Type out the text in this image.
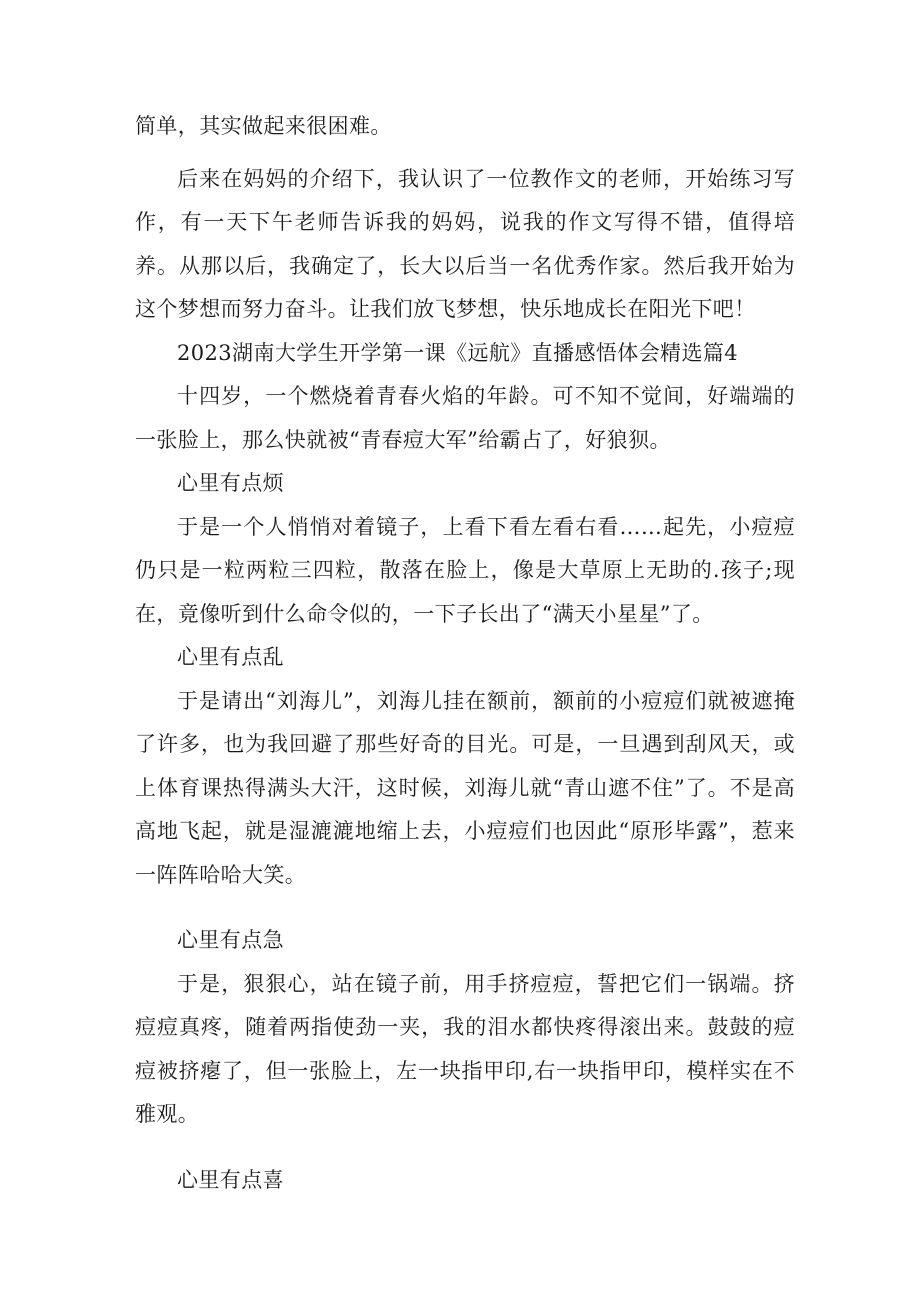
简单，其实做起来很困难。

后来在妈妈的介绍下，我认识了一位教作文的老师，开始练习写作，有一天下午老师告诉我的妈妈，说我的作文写得不错，值得培养。从那以后，我确定了，长大以后当一名优秀作家。然后我开始为这个梦想而努力奋斗。让我们放飞梦想，快乐地成长在阳光下吧！

2023湖南大学生开学第一课《远航》直播感悟体会精选篇4

十四岁，一个燃烧着青春火焰的年龄。可不知不觉间，好端端的一张脸上，那么快就被“青春痘大军”给霸占了，好狼狈。

心里有点烦

于是一个人悄悄对着镜子，上看下看左看右看……起先，小痘痘仍只是一粒两粒三四粒，散落在脸上，像是大草原上无助的.孩子;现在，竟像听到什么命令似的，一下子长出了“满天小星星”了。

心里有点乱

于是请出“刘海儿”，刘海儿挂在额前，额前的小痘痘们就被遮掩了许多，也为我回避了那些好奇的目光。可是，一旦遇到刮风天，或上体育课热得满头大汗，这时候，刘海儿就“青山遮不住”了。不是高高地飞起，就是湿漉漉地缩上去，小痘痘们也因此“原形毕露”，惹来一阵阵哈哈大笑。

心里有点急

于是，狠狠心，站在镜子前，用手挤痘痘，誓把它们一锅端。挤痘痘真疼，随着两指使劲一夹，我的泪水都快疼得滚出来。鼓鼓的痘痘被挤瘪了，但一张脸上，左一块指甲印,右一块指甲印，模样实在不雅观。

心里有点喜
